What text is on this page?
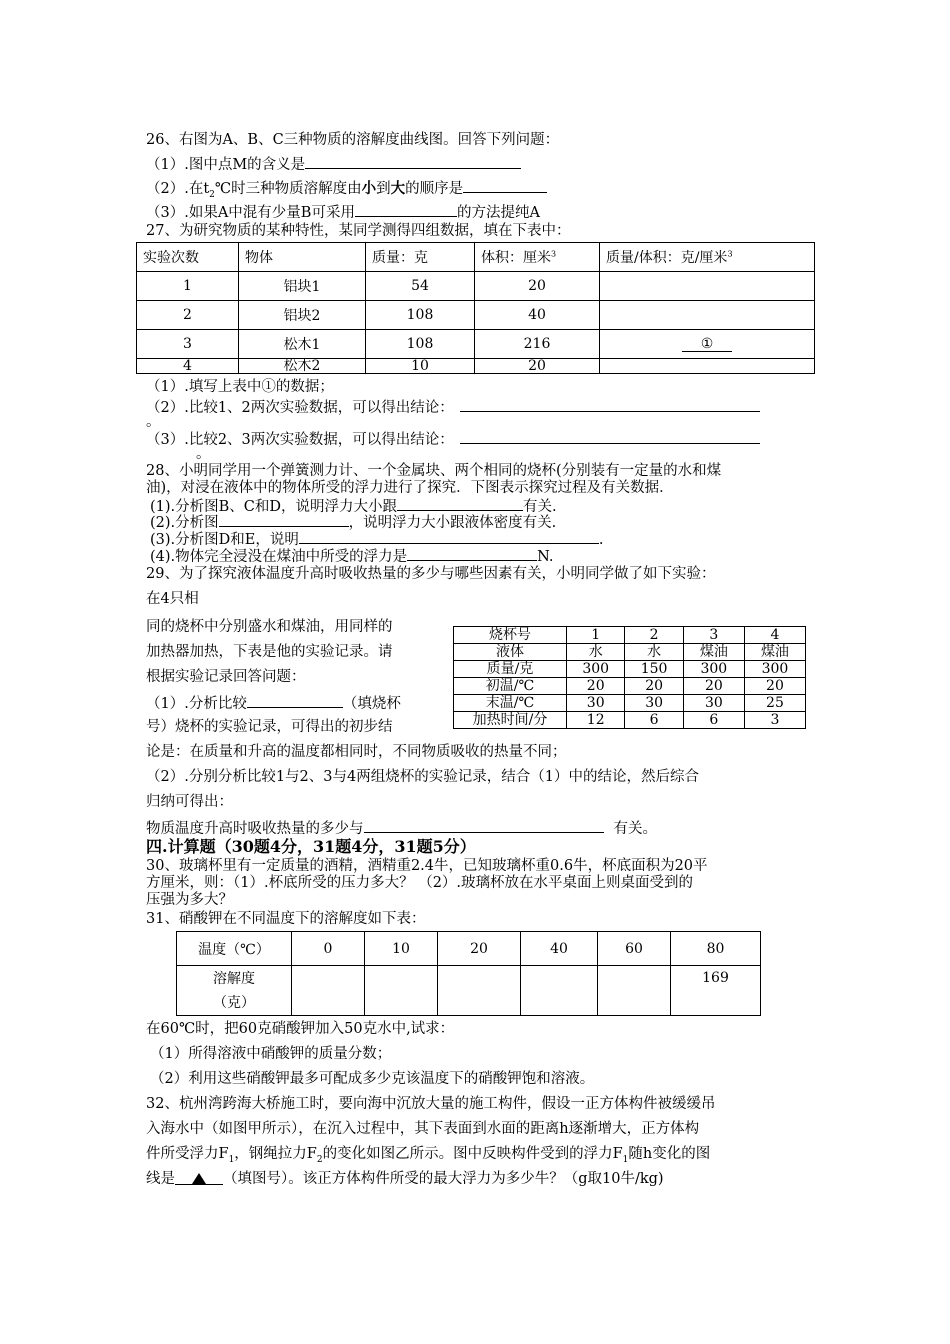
26、右图为A、B、C三种物质的溶解度曲线图。回答下列问题：
（1）.图中点M的含义是
（2）.在$t_2℃$时三种物质溶解度由小到大的顺序是
（3）.如果A中混有少量B可采用	的方法提纯A
27、为研究物质的某种特性，某同学测得四组数据，填在下表中：
实验次数	物体	质量：克	体积：厘米$^3$	质量/体积：克/厘米$^3$
1	铝块1	54	20	
2	铝块2	108	40	
3	松木1	108	216	①
4	松木2	10	20	
（1）.填写上表中①的数据；
（2）.比较1、2两次实验数据，可以得出结论：
。
（3）.比较2、3两次实验数据，可以得出结论：
。
28、小明同学用一个弹簧测力计、一个金属块、两个相同的烧杯(分别装有一定量的水和煤
油)，对浸在液体中的物体所受的浮力进行了探究．下图表示探究过程及有关数据．
(1).分析图B、C和D，说明浮力大小跟	有关.
(2).分析图	，说明浮力大小跟液体密度有关.
(3).分析图D和E，说明	.
(4).物体完全浸没在煤油中所受的浮力是	N.
29、为了探究液体温度升高时吸收热量的多少与哪些因素有关，小明同学做了如下实验：
在4只相
同的烧杯中分别盛水和煤油，用同样的
加热器加热，下表是他的实验记录。请
根据实验记录回答问题：
（1）.分析比较	（填烧杯
号）烧杯的实验记录，可得出的初步结
论是：在质量和升高的温度都相同时，不同物质吸收的热量不同；
（2）.分别分析比较1与2、3与4两组烧杯的实验记录，结合（1）中的结论，然后综合
归纳可得出：
物质温度升高时吸收热量的多少与	有关。
烧杯号	1	2	3	4
液体	水	水	煤油	煤油
质量/克	300	150	300	300
初温/℃	20	20	20	20
末温/℃	30	30	30	25
加热时间/分	12	6	6	3
四.计算题（30题4分，31题4分，31题5分）
30、玻璃杯里有一定质量的酒精，酒精重2.4牛，已知玻璃杯重0.6牛，杯底面积为20平
方厘米，则：（1）.杯底所受的压力多大？ （2）.玻璃杯放在水平桌面上则桌面受到的
压强为多大？
31、硝酸钾在不同温度下的溶解度如下表：
温度（℃）	0	10	20	40	60	80

溶解度
（克）						169
在60℃时，把60克硝酸钾加入50克水中,试求：
（1）所得溶液中硝酸钾的质量分数；
（2）利用这些硝酸钾最多可配成多少克该温度下的硝酸钾饱和溶液。
32、杭州湾跨海大桥施工时，要向海中沉放大量的施工构件，假设一正方体构件被缓缓吊
入海水中（如图甲所示），在沉入过程中，其下表面到水面的距离h逐渐增大，正方体构
件所受浮力$F_1$，钢绳拉力$F_2$的变化如图乙所示。图中反映构件受到的浮力$F_1$随h变化的图
线是	（填图号）。该正方体构件所受的最大浮力为多少牛？（g取10牛/kg)
